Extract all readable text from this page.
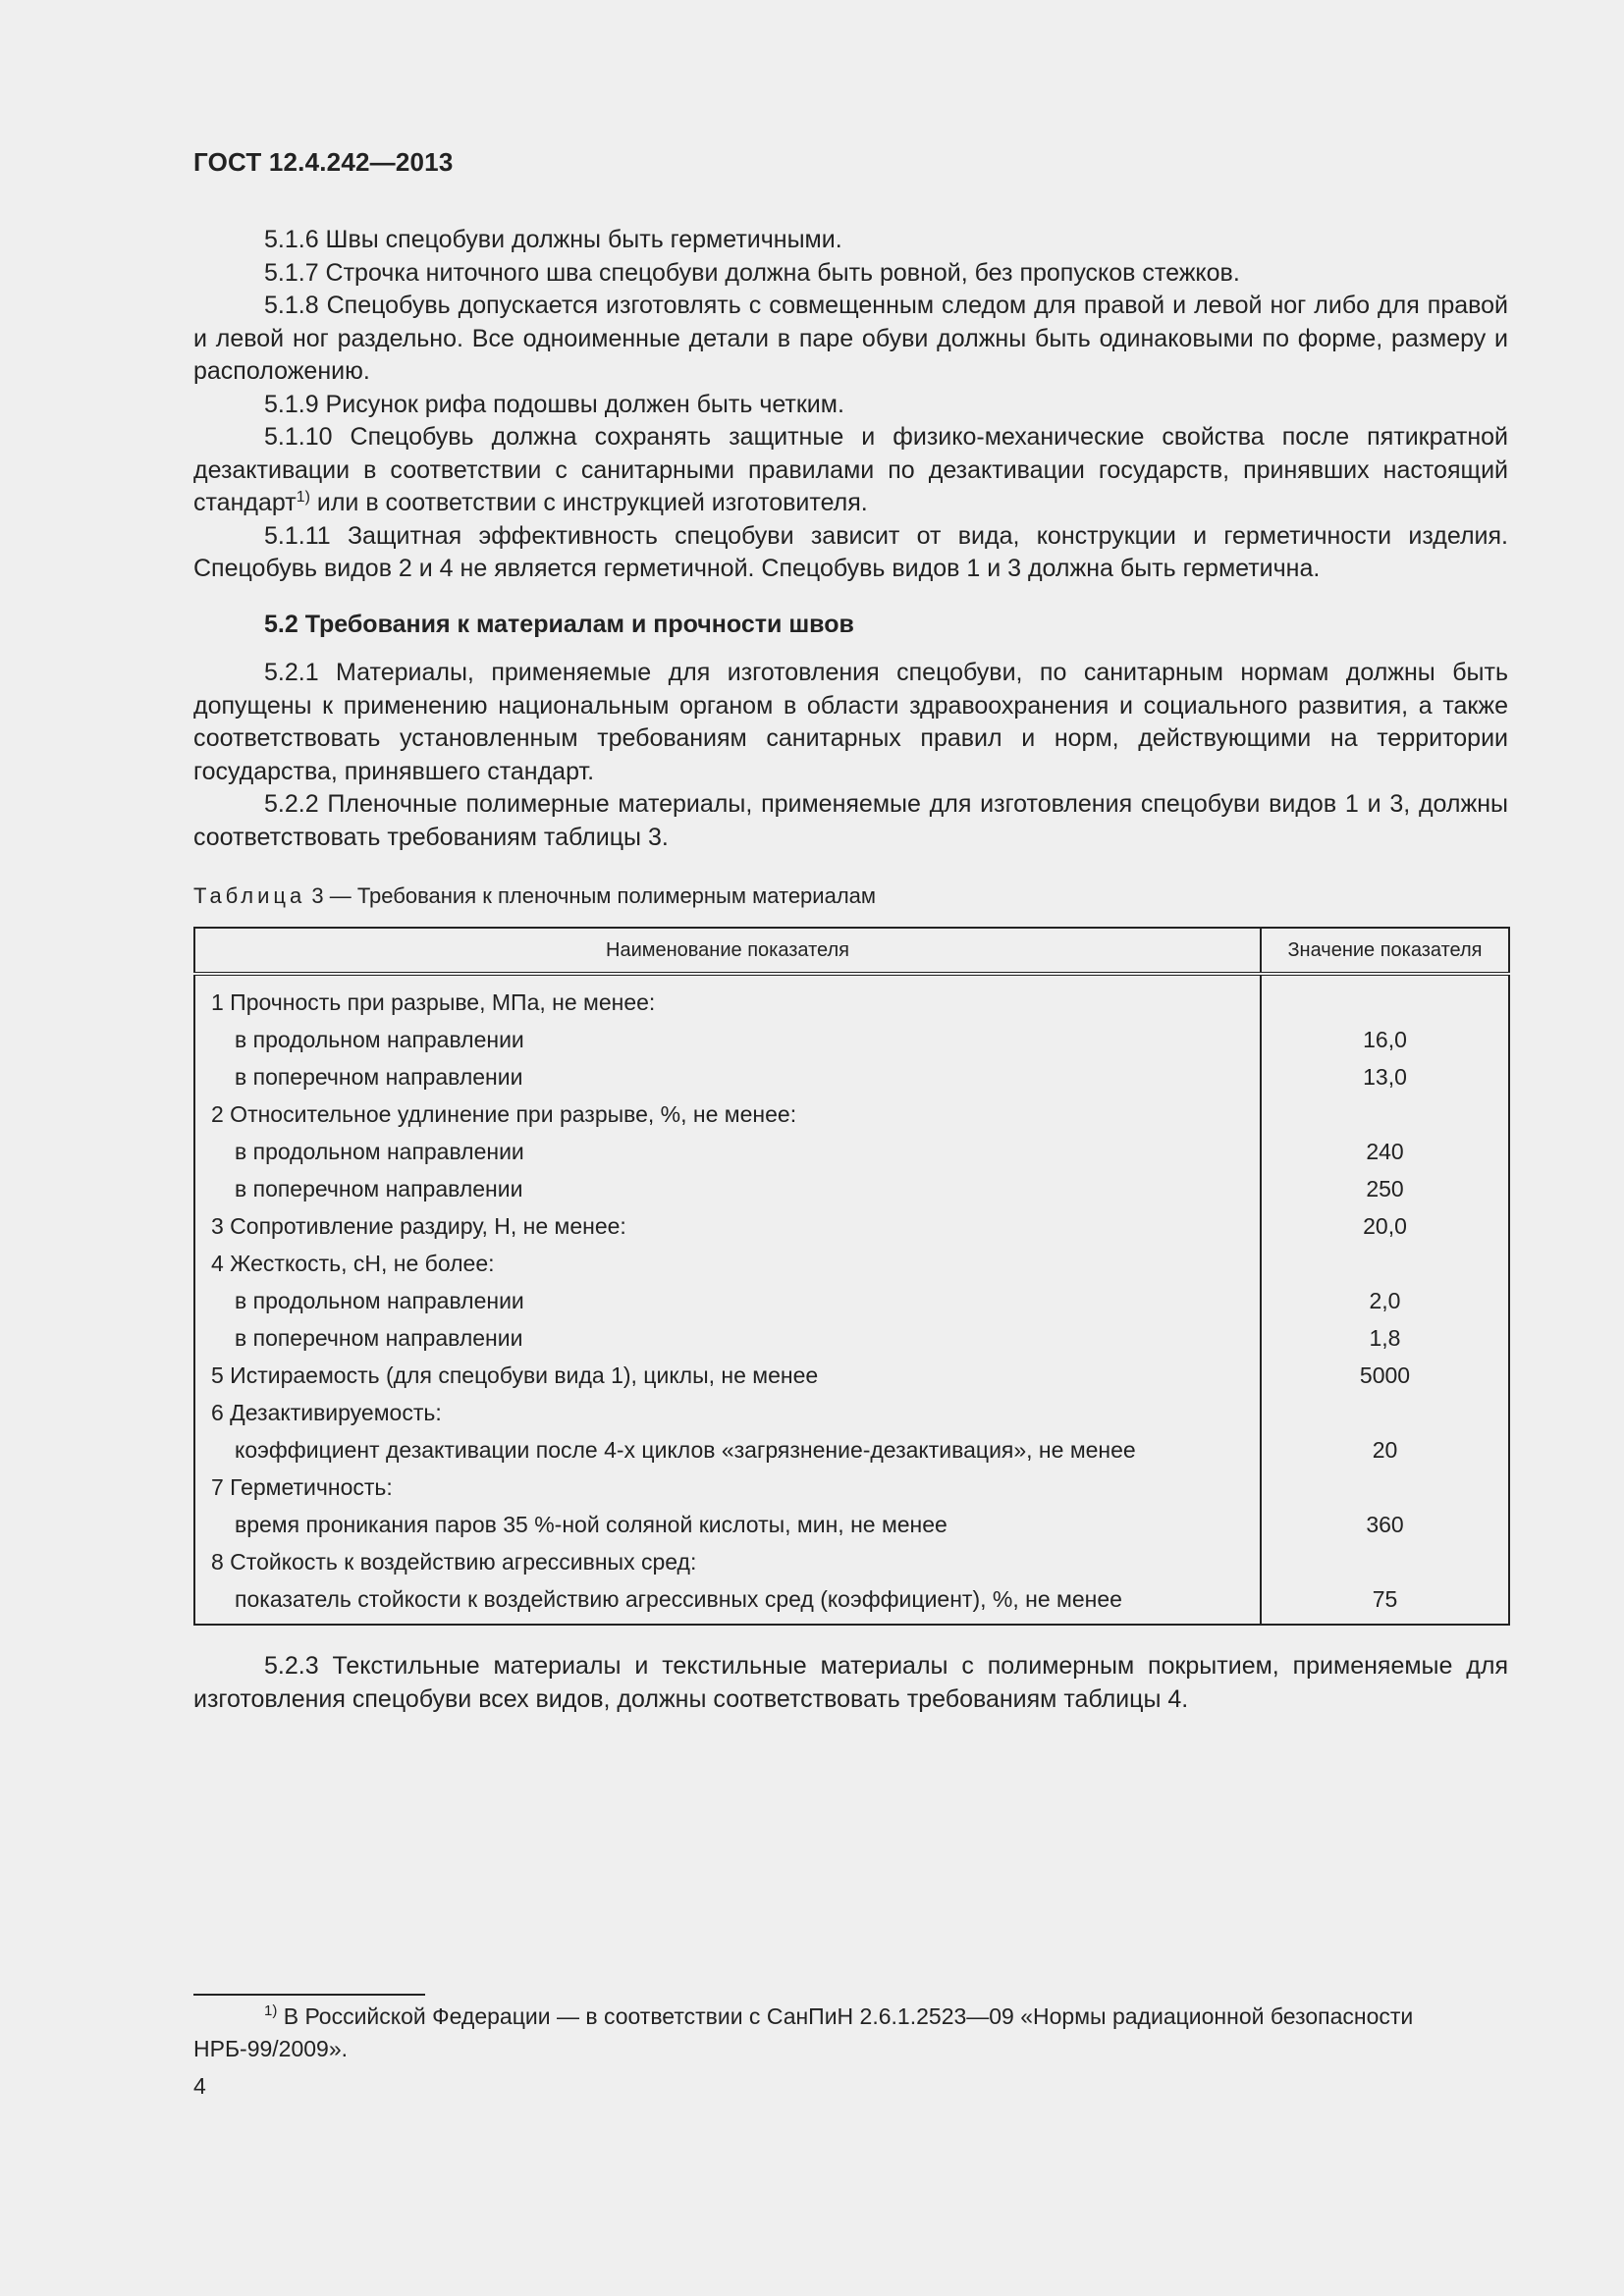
ГОСТ 12.4.242—2013

5.1.6 Швы спецобуви должны быть герметичными.

5.1.7 Строчка ниточного шва спецобуви должна быть ровной, без пропусков стежков.

5.1.8 Спецобувь допускается изготовлять с совмещенным следом для правой и левой ног либо для правой и левой ног раздельно. Все одноименные детали в паре обуви должны быть одинаковыми по форме, размеру и расположению.

5.1.9 Рисунок рифа подошвы должен быть четким.

5.1.10 Спецобувь должна сохранять защитные и физико-механические свойства после пятикратной дезактивации в соответствии с санитарными правилами по дезактивации государств, принявших настоящий стандарт$^{1)}$ или в соответствии с инструкцией изготовителя.

5.1.11 Защитная эффективность спецобуви зависит от вида, конструкции и герметичности изделия. Спецобувь видов 2 и 4 не является герметичной. Спецобувь видов 1 и 3 должна быть герметична.

5.2 Требования к материалам и прочности швов

5.2.1 Материалы, применяемые для изготовления спецобуви, по санитарным нормам должны быть допущены к применению национальным органом в области здравоохранения и социального развития, а также соответствовать установленным требованиям санитарных правил и норм, действующими на территории государства, принявшего стандарт.

5.2.2 Пленочные полимерные материалы, применяемые для изготовления спецобуви видов 1 и 3, должны соответствовать требованиям таблицы 3.

Таблица 3 — Требования к пленочным полимерным материалам
Наименование показателя	Значение показателя
1 Прочность при разрыве, МПа, не менее:	
в продольном направлении	16,0
в поперечном направлении	13,0
2 Относительное удлинение при разрыве, %, не менее:	
в продольном направлении	240
в поперечном направлении	250
3 Сопротивление раздиру, Н, не менее:	20,0
4 Жесткость, сН, не более:	
в продольном направлении	2,0
в поперечном направлении	1,8
5 Истираемость (для спецобуви вида 1), циклы, не менее	5000
6 Дезактивируемость:	
коэффициент дезактивации после 4-х циклов «загрязнение-дезактивация», не менее	20
7 Герметичность:	
время проникания паров 35 %-ной соляной кислоты, мин, не менее	360
8 Стойкость к воздействию агрессивных сред:	
показатель стойкости к воздействию агрессивных сред (коэффициент), %, не менее	75

5.2.3 Текстильные материалы и текстильные материалы с полимерным покрытием, применяемые для изготовления спецобуви всех видов, должны соответствовать требованиям таблицы 4.

$^{1)}$ В Российской Федерации — в соответствии с СанПиН 2.6.1.2523—09 «Нормы радиационной безопасности НРБ-99/2009».

4
